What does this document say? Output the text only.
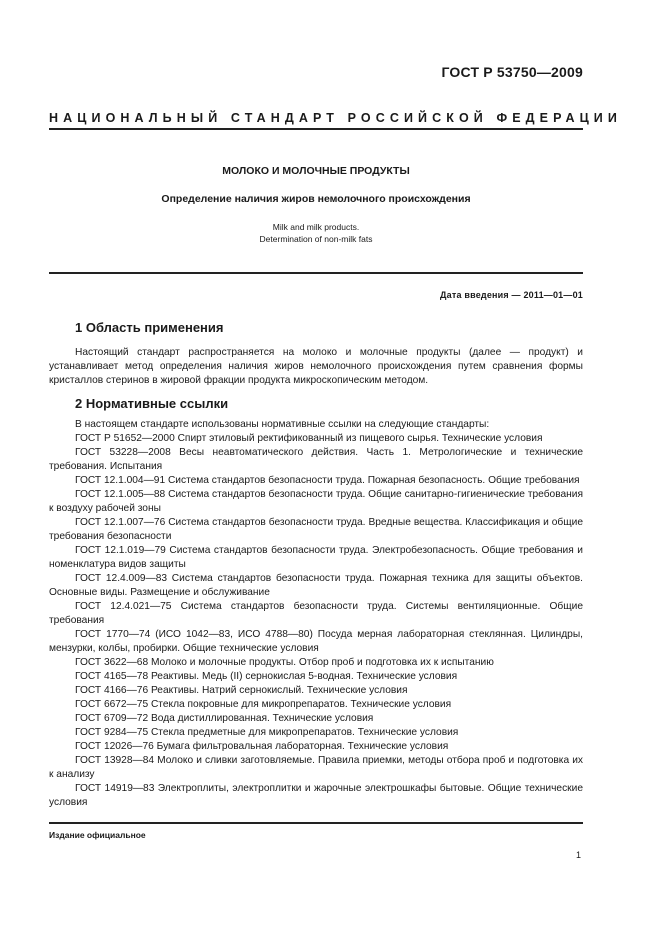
ГОСТ Р 53750—2009
НАЦИОНАЛЬНЫЙ СТАНДАРТ РОССИЙСКОЙ ФЕДЕРАЦИИ
МОЛОКО И МОЛОЧНЫЕ ПРОДУКТЫ
Определение наличия жиров немолочного происхождения
Milk and milk products.
Determination of non-milk fats
Дата введения — 2011—01—01
1 Область применения

Настоящий стандарт распространяется на молоко и молочные продукты (далее — продукт) и устанавливает метод определения наличия жиров немолочного происхождения путем сравнения формы кристаллов стеринов в жировой фракции продукта микроскопическим методом.

2 Нормативные ссылки

В настоящем стандарте использованы нормативные ссылки на следующие стандарты:

ГОСТ Р 51652—2000 Спирт этиловый ректификованный из пищевого сырья. Технические условия

ГОСТ 53228—2008 Весы неавтоматического действия. Часть 1. Метрологические и технические требования. Испытания

ГОСТ 12.1.004—91 Система стандартов безопасности труда. Пожарная безопасность. Общие требования

ГОСТ 12.1.005—88 Система стандартов безопасности труда. Общие санитарно-гигиенические требования к воздуху рабочей зоны

ГОСТ 12.1.007—76 Система стандартов безопасности труда. Вредные вещества. Классификация и общие требования безопасности

ГОСТ 12.1.019—79 Система стандартов безопасности труда. Электробезопасность. Общие требования и номенклатура видов защиты

ГОСТ 12.4.009—83 Система стандартов безопасности труда. Пожарная техника для защиты объектов. Основные виды. Размещение и обслуживание

ГОСТ 12.4.021—75 Система стандартов безопасности труда. Системы вентиляционные. Общие требования

ГОСТ 1770—74 (ИСО 1042—83, ИСО 4788—80) Посуда мерная лабораторная стеклянная. Цилиндры, мензурки, колбы, пробирки. Общие технические условия

ГОСТ 3622—68 Молоко и молочные продукты. Отбор проб и подготовка их к испытанию

ГОСТ 4165—78 Реактивы. Медь (II) сернокислая 5-водная. Технические условия

ГОСТ 4166—76 Реактивы. Натрий сернокислый. Технические условия

ГОСТ 6672—75 Стекла покровные для микропрепаратов. Технические условия

ГОСТ 6709—72 Вода дистиллированная. Технические условия

ГОСТ 9284—75 Стекла предметные для микропрепаратов. Технические условия

ГОСТ 12026—76 Бумага фильтровальная лабораторная. Технические условия

ГОСТ 13928—84 Молоко и сливки заготовляемые. Правила приемки, методы отбора проб и подготовка их к анализу

ГОСТ 14919—83 Электроплиты, электроплитки и жарочные электрошкафы бытовые. Общие технические условия

Издание официальное
1
